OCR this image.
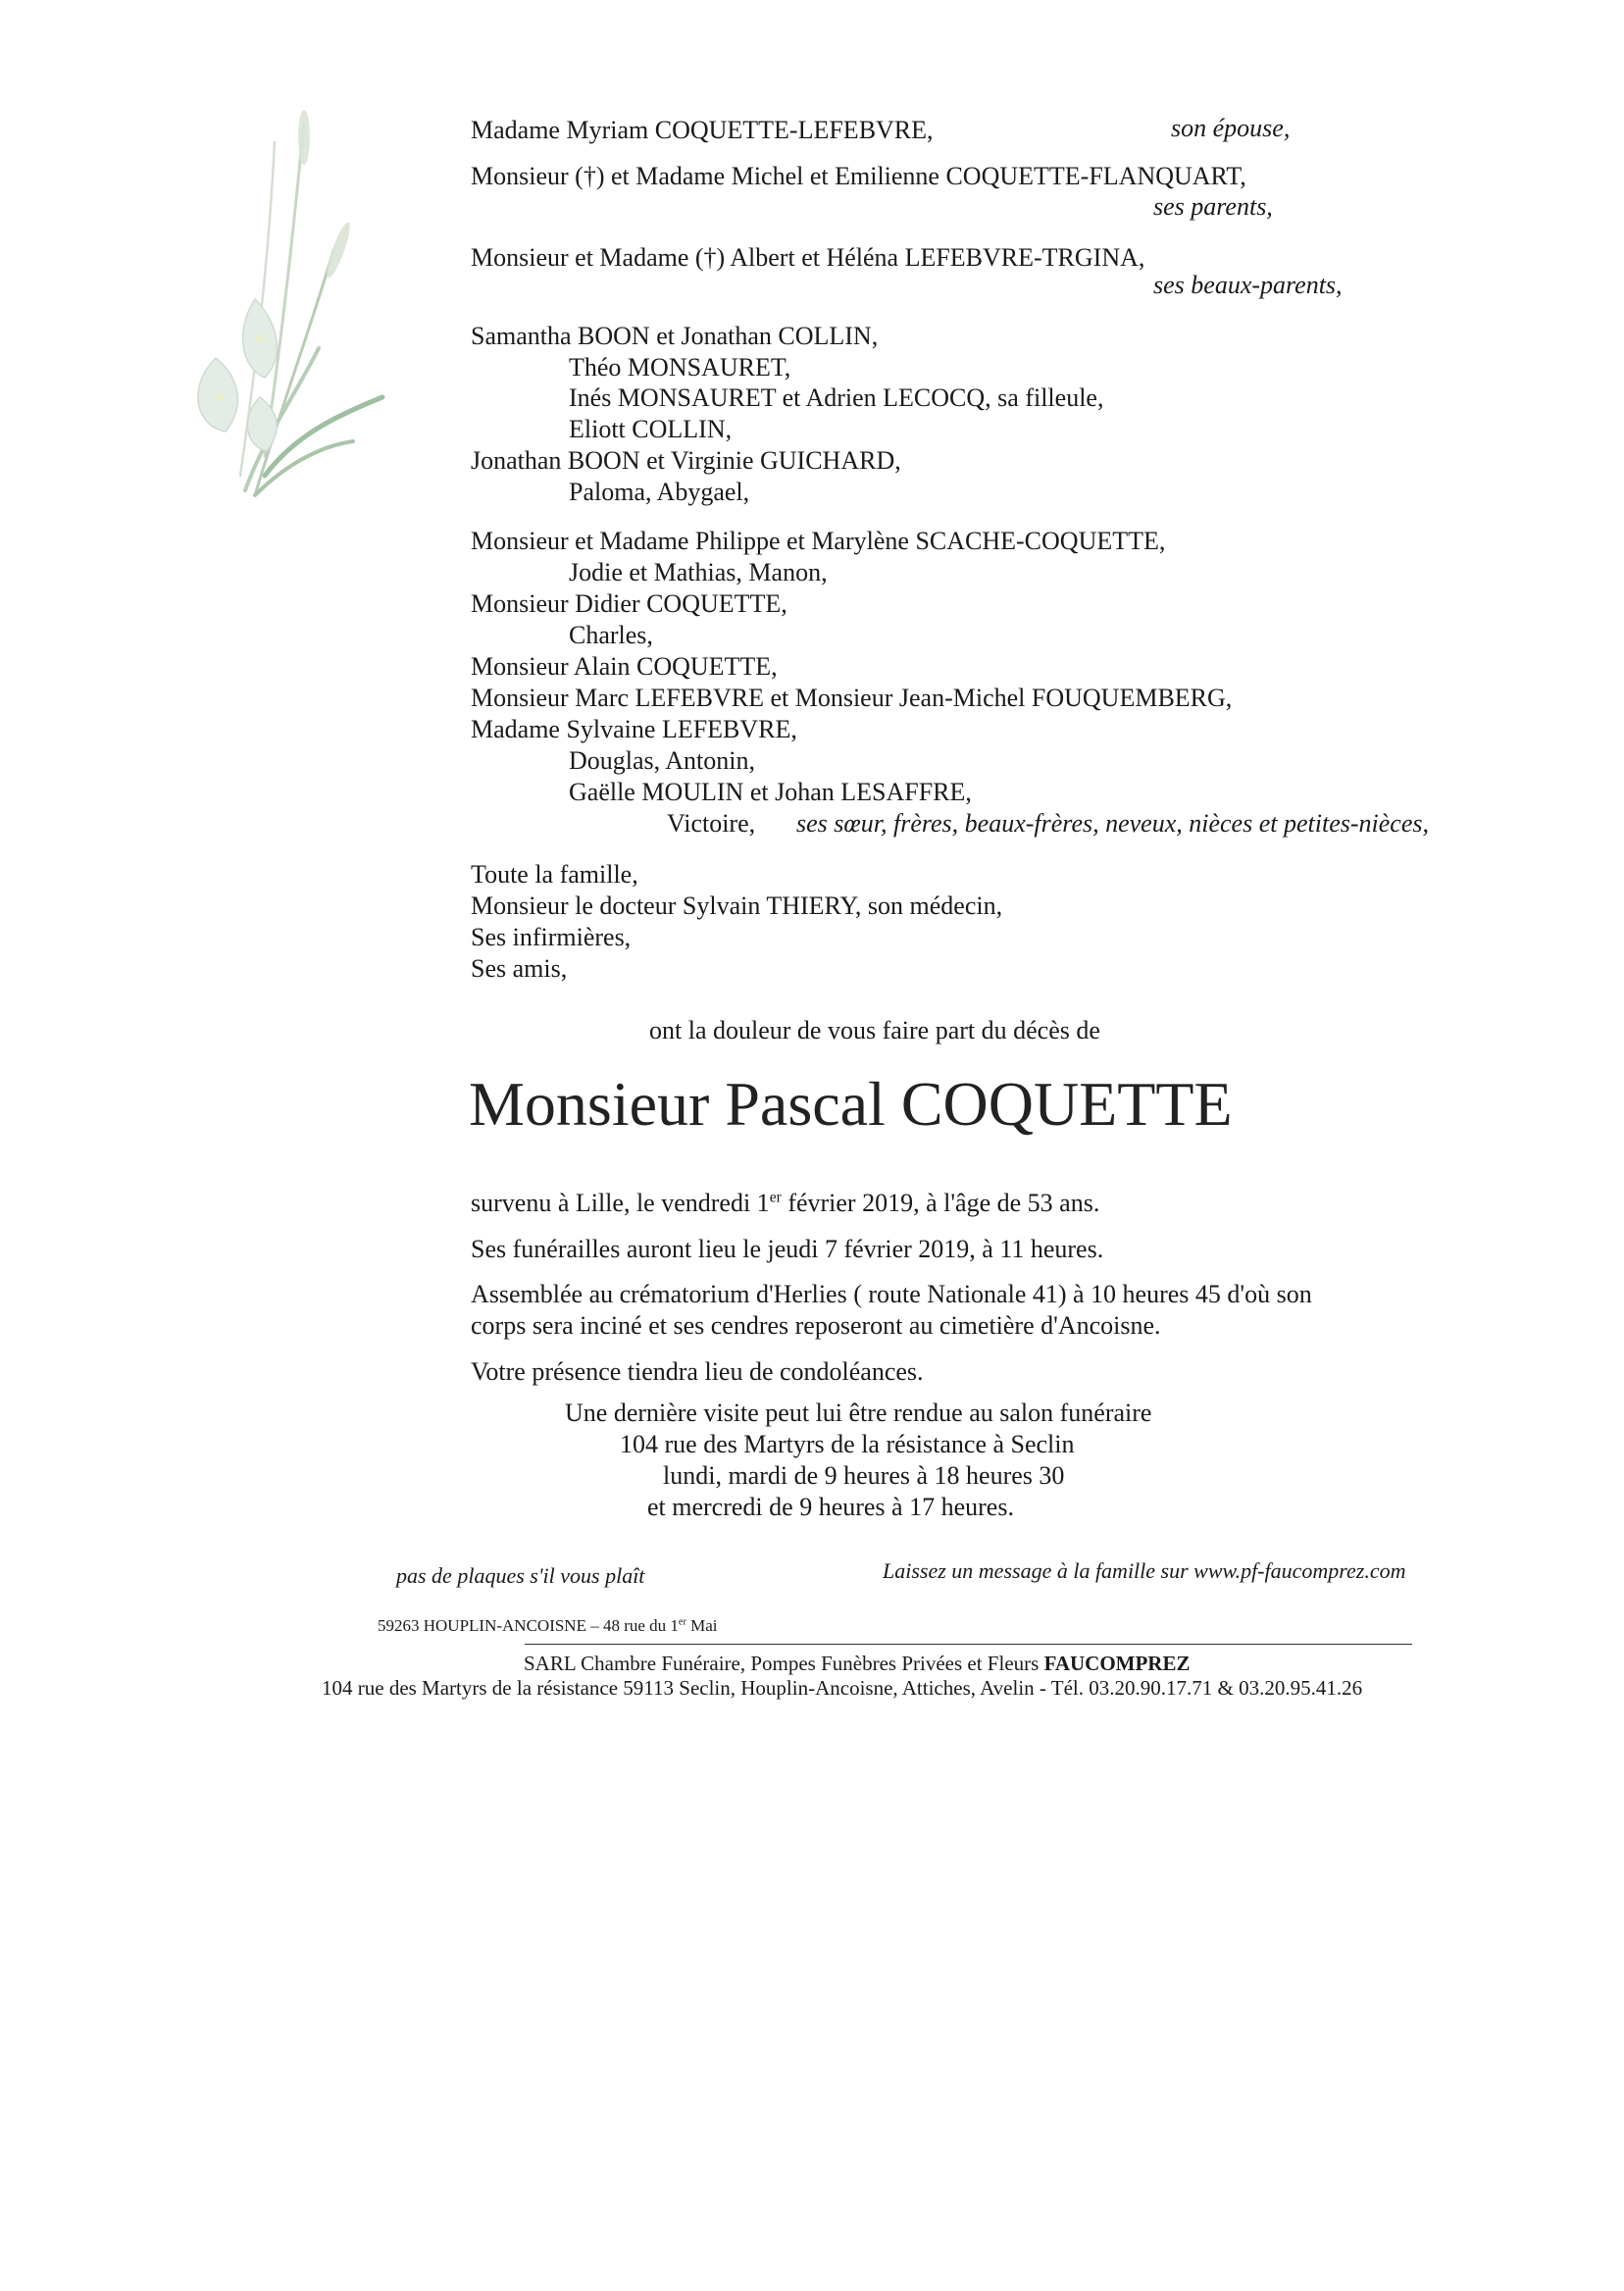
Madame Myriam COQUETTE-LEFEBVRE,	son épouse,
Monsieur (†) et Madame Michel et Emilienne COQUETTE-FLANQUART,
ses parents,
Monsieur et Madame (†) Albert et Héléna LEFEBVRE-TRGINA,
ses beaux-parents,
Samantha BOON et Jonathan COLLIN,
Théo MONSAURET,
Inés MONSAURET et Adrien LECOCQ, sa filleule,
Eliott COLLIN,
Jonathan BOON et Virginie GUICHARD,
Paloma, Abygael,
Monsieur et Madame Philippe et Marylène SCACHE-COQUETTE,
Jodie et Mathias, Manon,
Monsieur Didier COQUETTE,
Charles,
Monsieur Alain COQUETTE,
Monsieur Marc LEFEBVRE et Monsieur Jean-Michel FOUQUEMBERG,
Madame Sylvaine LEFEBVRE,
Douglas, Antonin,
Gaëlle MOULIN et Johan LESAFFRE,
Victoire, ses sœur, frères, beaux-frères, neveux, nièces et petites-nièces,
Toute la famille,
Monsieur le docteur Sylvain THIERY, son médecin,
Ses infirmières,
Ses amis,
ont la douleur de vous faire part du décès de
Monsieur Pascal COQUETTE
survenu à Lille, le vendredi 1er février 2019, à l'âge de 53 ans.
Ses funérailles auront lieu le jeudi 7 février 2019, à 11 heures.
Assemblée au crématorium d'Herlies ( route Nationale 41) à 10 heures 45 d'où son
corps sera inciné et ses cendres reposeront au cimetière d'Ancoisne.
Votre présence tiendra lieu de condoléances.
Une dernière visite peut lui être rendue au salon funéraire
104 rue des Martyrs de la résistance à Seclin
lundi, mardi de 9 heures à 18 heures 30
et mercredi de 9 heures à 17 heures.
pas de plaques s'il vous plaît	Laissez un message à la famille sur www.pf-faucomprez.com
59263 HOUPLIN-ANCOISNE – 48 rue du 1er Mai
SARL Chambre Funéraire, Pompes Funèbres Privées et Fleurs FAUCOMPREZ
104 rue des Martyrs de la résistance 59113 Seclin, Houplin-Ancoisne, Attiches, Avelin - Tél. 03.20.90.17.71 & 03.20.95.41.26
